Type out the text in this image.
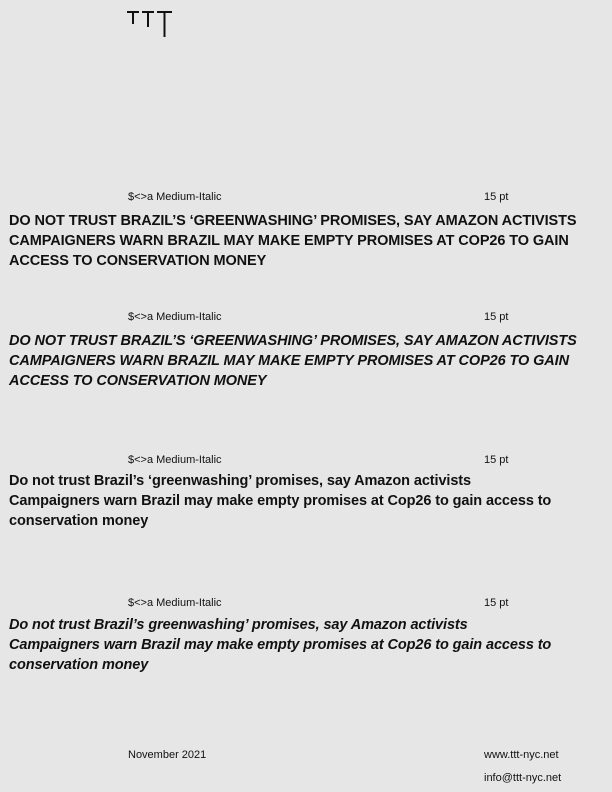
$<>a Medium-Italic	15 pt
DO NOT TRUST BRAZIL’S ‘GREENWASHING’ PROMISES, SAY AMAZON ACTIVISTS
CAMPAIGNERS WARN BRAZIL MAY MAKE EMPTY PROMISES AT COP26 TO GAIN
ACCESS TO CONSERVATION MONEY
$<>a Medium-Italic	15 pt
DO NOT TRUST BRAZIL’S ‘GREENWASHING’ PROMISES, SAY AMAZON ACTIVISTS
CAMPAIGNERS WARN BRAZIL MAY MAKE EMPTY PROMISES AT COP26 TO GAIN
ACCESS TO CONSERVATION MONEY
$<>a Medium-Italic	15 pt
Do not trust Brazil’s ‘greenwashing’ promises, say Amazon activists
Campaigners warn Brazil may make empty promises at Cop26 to gain access to
conservation money
$<>a Medium-Italic	15 pt
Do not trust Brazil’s greenwashing’ promises, say Amazon activists
Campaigners warn Brazil may make empty promises at Cop26 to gain access to
conservation money
November 2021	www.ttt-nyc.net
info@ttt-nyc.net
